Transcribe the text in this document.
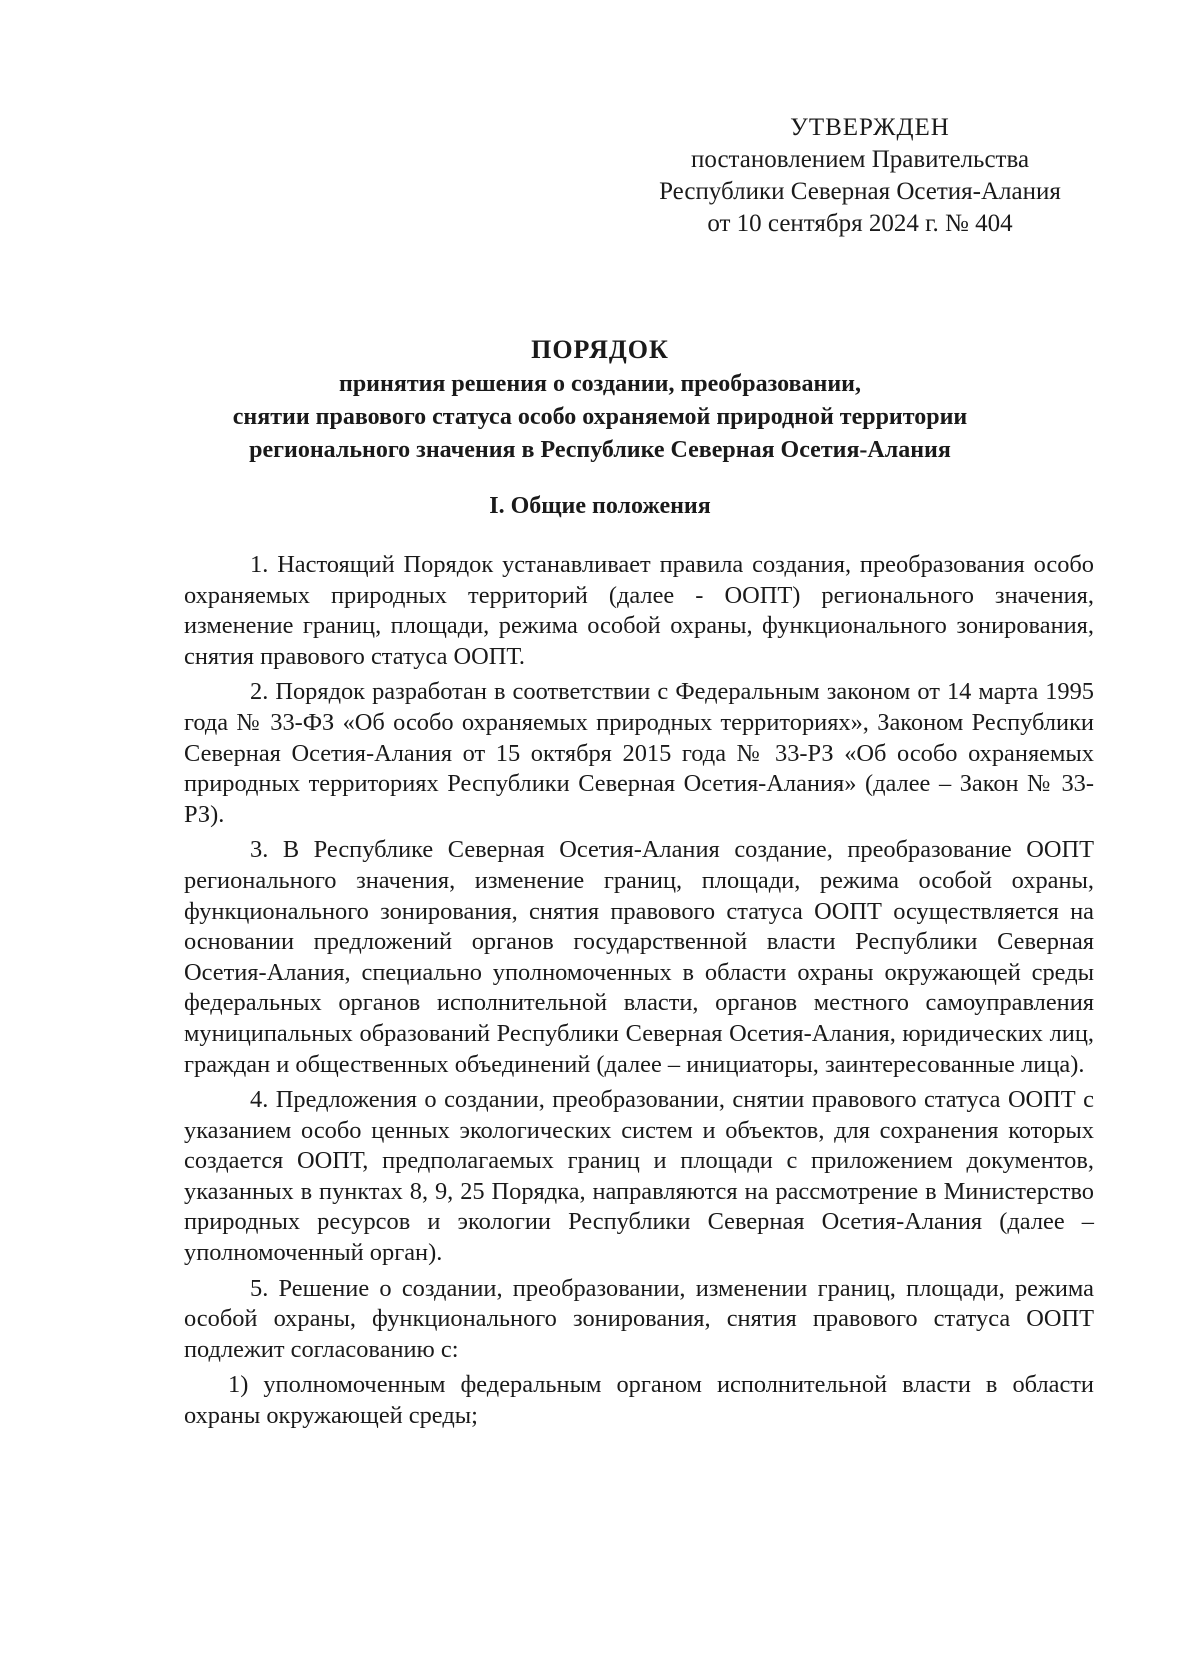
УТВЕРЖДЕН
постановлением Правительства
Республики Северная Осетия-Алания
от 10 сентября 2024 г. № 404
ПОРЯДОК
принятия решения о создании, преобразовании,
снятии правового статуса особо охраняемой природной территории
регионального значения в Республике Северная Осетия-Алания
I. Общие положения

1. Настоящий Порядок устанавливает правила создания, преобразования особо охраняемых природных территорий (далее - ООПТ) регионального значения, изменение границ, площади, режима особой охраны, функционального зонирования, снятия правового статуса ООПТ.

2. Порядок разработан в соответствии с Федеральным законом от 14 марта 1995 года № 33-ФЗ «Об особо охраняемых природных территориях», Законом Республики Северная Осетия-Алания от 15 октября 2015 года № 33-РЗ «Об особо охраняемых природных территориях Республики Северная Осетия-Алания» (далее – Закон № 33-РЗ).

3. В Республике Северная Осетия-Алания создание, преобразование ООПТ регионального значения, изменение границ, площади, режима особой охраны, функционального зонирования, снятия правового статуса ООПТ осуществляется на основании предложений органов государственной власти Республики Северная Осетия-Алания, специально уполномоченных в области охраны окружающей среды федеральных органов исполнительной власти, органов местного самоуправления муниципальных образований Республики Северная Осетия-Алания, юридических лиц, граждан и общественных объединений (далее – инициаторы, заинтересованные лица).

4. Предложения о создании, преобразовании, снятии правового статуса ООПТ с указанием особо ценных экологических систем и объектов, для сохранения которых создается ООПТ, предполагаемых границ и площади с приложением документов, указанных в пунктах 8, 9, 25 Порядка, направляются на рассмотрение в Министерство природных ресурсов и экологии Республики Северная Осетия-Алания (далее – уполномоченный орган).

5. Решение о создании, преобразовании, изменении границ, площади, режима особой охраны, функционального зонирования, снятия правового статуса ООПТ подлежит согласованию с:

1) уполномоченным федеральным органом исполнительной власти в области охраны окружающей среды;
